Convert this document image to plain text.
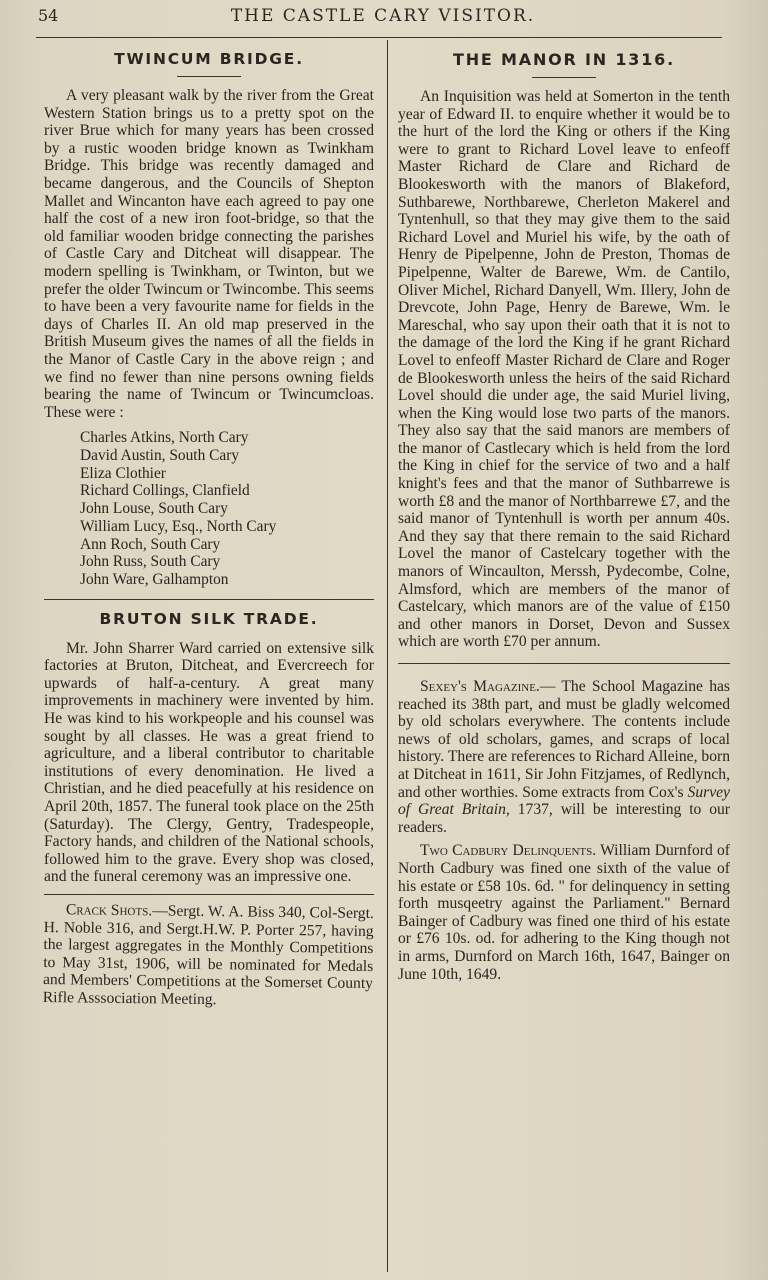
54	THE CASTLE CARY VISITOR.
TWINCUM BRIDGE.

A very pleasant walk by the river from the Great Western Station brings us to a pretty spot on the river Brue which for many years has been crossed by a rustic wooden bridge known as Twinkham Bridge. This bridge was recently damaged and became dangerous, and the Councils of Shepton Mallet and Wincanton have each agreed to pay one half the cost of a new iron foot-bridge, so that the old familiar wooden bridge connecting the parishes of Castle Cary and Ditcheat will disappear. The modern spelling is Twinkham, or Twinton, but we prefer the older Twincum or Twincombe. This seems to have been a very favourite name for fields in the days of Charles II. An old map preserved in the British Museum gives the names of all the fields in the Manor of Castle Cary in the above reign ; and we find no fewer than nine persons owning fields bearing the name of Twincum or Twincumcloas. These were :

Charles Atkins, North Cary
David Austin, South Cary
Eliza Clothier
Richard Collings, Clanfield
John Louse, South Cary
William Lucy, Esq., North Cary
Ann Roch, South Cary
John Russ, South Cary
John Ware, Galhampton
BRUTON SILK TRADE.

Mr. John Sharrer Ward carried on extensive silk factories at Bruton, Ditcheat, and Evercreech for upwards of half-a-century. A great many improvements in machinery were invented by him. He was kind to his workpeople and his counsel was sought by all classes. He was a great friend to agriculture, and a liberal contributor to charitable institutions of every denomination. He lived a Christian, and he died peacefully at his residence on April 20th, 1857. The funeral took place on the 25th (Saturday). The Clergy, Gentry, Tradespeople, Factory hands, and children of the National schools, followed him to the grave. Every shop was closed, and the funeral ceremony was an impressive one.

Crack Shots.—Sergt. W. A. Biss 340, Col-Sergt. H. Noble 316, and Sergt.H.W. P. Porter 257, having the largest aggregates in the Monthly Competitions to May 31st, 1906, will be nominated for Medals and Members' Competitions at the Somerset County Rifle Asssociation Meeting.

THE MANOR IN 1316.

An Inquisition was held at Somerton in the tenth year of Edward II. to enquire whether it would be to the hurt of the lord the King or others if the King were to grant to Richard Lovel leave to enfeoff Master Richard de Clare and Richard de Blookesworth with the manors of Blakeford, Suthbarewe, Northbarewe, Cherleton Makerel and Tyntenhull, so that they may give them to the said Richard Lovel and Muriel his wife, by the oath of Henry de Pipelpenne, John de Preston, Thomas de Pipelpenne, Walter de Barewe, Wm. de Cantilo, Oliver Michel, Richard Danyell, Wm. Illery, John de Drevcote, John Page, Henry de Barewe, Wm. le Mareschal, who say upon their oath that it is not to the damage of the lord the King if he grant Richard Lovel to enfeoff Master Richard de Clare and Roger de Blookesworth unless the heirs of the said Richard Lovel should die under age, the said Muriel living, when the King would lose two parts of the manors. They also say that the said manors are members of the manor of Castlecary which is held from the lord the King in chief for the service of two and a half knight's fees and that the manor of Suthbarrewe is worth £8 and the manor of Northbarrewe £7, and the said manor of Tyntenhull is worth per annum 40s. And they say that there remain to the said Richard Lovel the manor of Castelcary together with the manors of Wincaulton, Merssh, Pydecombe, Colne, Almsford, which are members of the manor of Castelcary, which manors are of the value of £150 and other manors in Dorset, Devon and Sussex which are worth £70 per annum.

Sexey's Magazine.— The School Magazine has reached its 38th part, and must be gladly welcomed by old scholars everywhere. The contents include news of old scholars, games, and scraps of local history. There are references to Richard Alleine, born at Ditcheat in 1611, Sir John Fitzjames, of Redlynch, and other worthies. Some extracts from Cox's Survey of Great Britain, 1737, will be interesting to our readers.

Two Cadbury Delinquents. William Durnford of North Cadbury was fined one sixth of the value of his estate or £58 10s. 6d. " for delinquency in setting forth musqeetry against the Parliament." Bernard Bainger of Cadbury was fined one third of his estate or £76 10s. od. for adhering to the King though not in arms, Durnford on March 16th, 1647, Bainger on June 10th, 1649.
